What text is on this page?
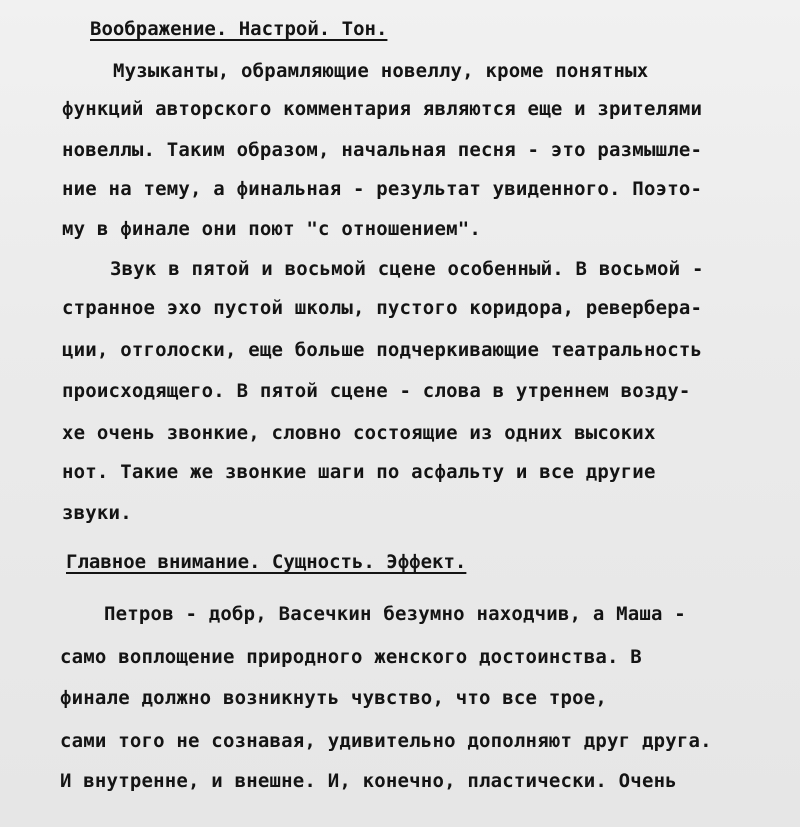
Воображение. Настрой. Тон.

Музыканты, обрамляющие новеллу, кроме понятных

функций авторского комментария являются еще и зрителями

новеллы. Таким образом, начальная песня - это размышле-

ние на тему, а финальная - результат увиденного. Поэто-

му в финале они поют "с отношением".

Звук в пятой и восьмой сцене особенный. В восьмой -

странное эхо пустой школы, пустого коридора, ревербера-

ции, отголоски, еще больше подчеркивающие театральность

происходящего. В пятой сцене - слова в утреннем возду-

хе очень звонкие, словно состоящие из одних высоких

нот. Такие же звонкие шаги по асфальту и все другие

звуки.

Главное внимание. Сущность. Эффект.

Петров - добр, Васечкин безумно находчив, а Маша -

само воплощение природного женского достоинства. В

финале должно возникнуть чувство, что все трое,

сами того не сознавая, удивительно дополняют друг друга.

И внутренне, и внешне. И, конечно, пластически. Очень
